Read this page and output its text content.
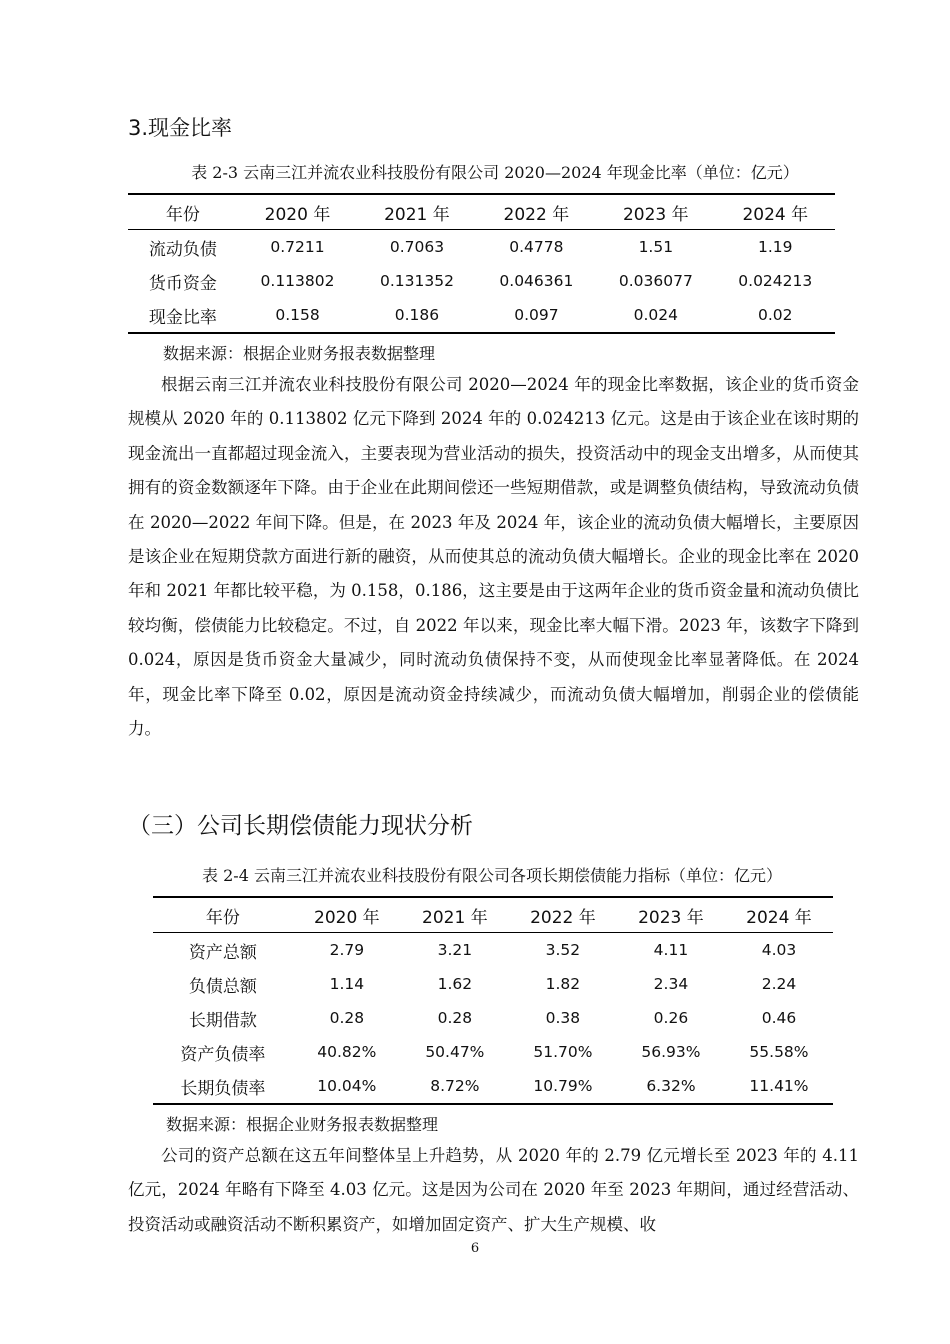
3.现金比率
表 2-3 云南三江并流农业科技股份有限公司 2020—2024 年现金比率（单位：亿元）
年份	2020 年	2021 年	2022 年	2023 年	2024 年
流动负债	0.7211	0.7063	0.4778	1.51	1.19
货币资金	0.113802	0.131352	0.046361	0.036077	0.024213
现金比率	0.158	0.186	0.097	0.024	0.02
数据来源：根据企业财务报表数据整理

根据云南三江并流农业科技股份有限公司 2020—2024 年的现金比率数据，该企业的货币资金规模从 2020 年的 0.113802 亿元下降到 2024 年的 0.024213 亿元。这是由于该企业在该时期的现金流出一直都超过现金流入，主要表现为营业活动的损失，投资活动中的现金支出增多，从而使其拥有的资金数额逐年下降。由于企业在此期间偿还一些短期借款，或是调整负债结构，导致流动负债在 2020—2022 年间下降。但是，在 2023 年及 2024 年，该企业的流动负债大幅增长，主要原因是该企业在短期贷款方面进行新的融资，从而使其总的流动负债大幅增长。企业的现金比率在 2020 年和 2021 年都比较平稳，为 0.158，0.186，这主要是由于这两年企业的货币资金量和流动负债比较均衡，偿债能力比较稳定。不过，自 2022 年以来，现金比率大幅下滑。2023 年，该数字下降到 0.024，原因是货币资金大量减少，同时流动负债保持不变，从而使现金比率显著降低。在 2024 年，现金比率下降至 0.02，原因是流动资金持续减少，而流动负债大幅增加，削弱企业的偿债能力。

（三）公司长期偿债能力现状分析
表 2-4 云南三江并流农业科技股份有限公司各项长期偿债能力指标（单位：亿元）
年份	2020 年	2021 年	2022 年	2023 年	2024 年
资产总额	2.79	3.21	3.52	4.11	4.03
负债总额	1.14	1.62	1.82	2.34	2.24
长期借款	0.28	0.28	0.38	0.26	0.46
资产负债率	40.82%	50.47%	51.70%	56.93%	55.58%
长期负债率	10.04%	8.72%	10.79%	6.32%	11.41%
数据来源：根据企业财务报表数据整理

公司的资产总额在这五年间整体呈上升趋势，从 2020 年的 2.79 亿元增长至 2023 年的 4.11 亿元，2024 年略有下降至 4.03 亿元。这是因为公司在 2020 年至 2023 年期间，通过经营活动、投资活动或融资活动不断积累资产，如增加固定资产、扩大生产规模、收

6
